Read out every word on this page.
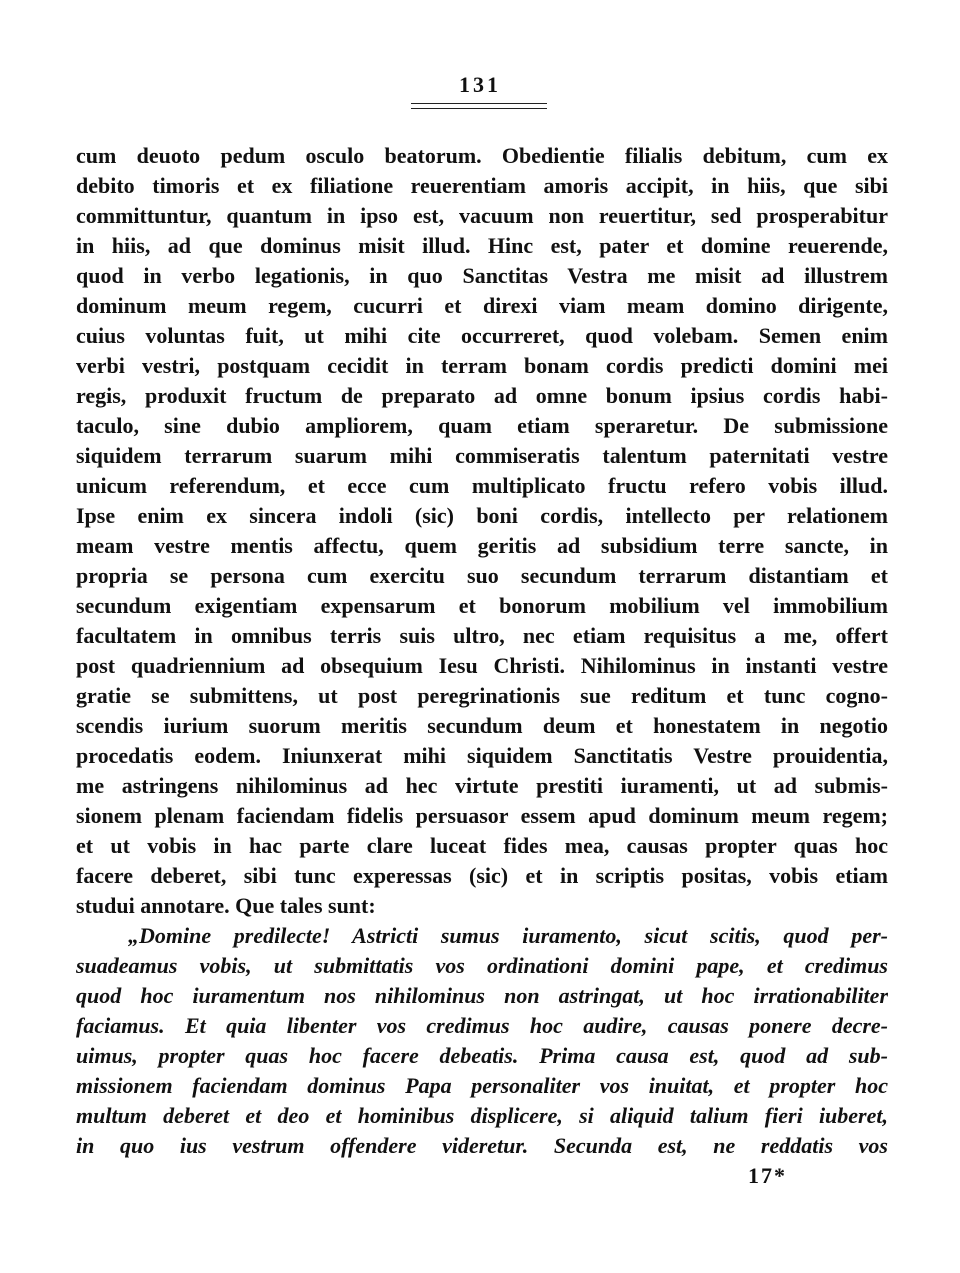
131
cum deuoto pedum osculo beatorum. Obedientie filialis debitum, cum ex
debito timoris et ex filiatione reuerentiam amoris accipit, in hiis, que sibi
committuntur, quantum in ipso est, vacuum non reuertitur, sed prosperabitur
in hiis, ad que dominus misit illud. Hinc est, pater et domine reuerende,
quod in verbo legationis, in quo Sanctitas Vestra me misit ad illustrem
dominum meum regem, cucurri et direxi viam meam domino dirigente,
cuius voluntas fuit, ut mihi cite occurreret, quod volebam. Semen enim
verbi vestri, postquam cecidit in terram bonam cordis predicti domini mei
regis, produxit fructum de preparato ad omne bonum ipsius cordis habi-
taculo, sine dubio ampliorem, quam etiam speraretur. De submissione
siquidem terrarum suarum mihi commiseratis talentum paternitati vestre
unicum referendum, et ecce cum multiplicato fructu refero vobis illud.
Ipse enim ex sincera indoli (sic) boni cordis, intellecto per relationem
meam vestre mentis affectu, quem geritis ad subsidium terre sancte, in
propria se persona cum exercitu suo secundum terrarum distantiam et
secundum exigentiam expensarum et bonorum mobilium vel immobilium
facultatem in omnibus terris suis ultro, nec etiam requisitus a me, offert
post quadriennium ad obsequium Iesu Christi. Nihilominus in instanti vestre
gratie se submittens, ut post peregrinationis sue reditum et tunc cogno-
scendis iurium suorum meritis secundum deum et honestatem in negotio
procedatis eodem. Iniunxerat mihi siquidem Sanctitatis Vestre prouidentia,
me astringens nihilominus ad hec virtute prestiti iuramenti, ut ad submis-
sionem plenam faciendam fidelis persuasor essem apud dominum meum regem;
et ut vobis in hac parte clare luceat fides mea, causas propter quas hoc
facere deberet, sibi tunc experessas (sic) et in scriptis positas, vobis etiam
studui annotare. Que tales sunt:
„Domine predilecte! Astricti sumus iuramento, sicut scitis, quod per-
suadeamus vobis, ut submittatis vos ordinationi domini pape, et credimus
quod hoc iuramentum nos nihilominus non astringat, ut hoc irrationabiliter
faciamus. Et quia libenter vos credimus hoc audire, causas ponere decre-
uimus, propter quas hoc facere debeatis. Prima causa est, quod ad sub-
missionem faciendam dominus Papa personaliter vos inuitat, et propter hoc
multum deberet et deo et hominibus displicere, si aliquid talium fieri iuberet,
in quo ius vestrum offendere videretur. Secunda est, ne reddatis vos
17*
